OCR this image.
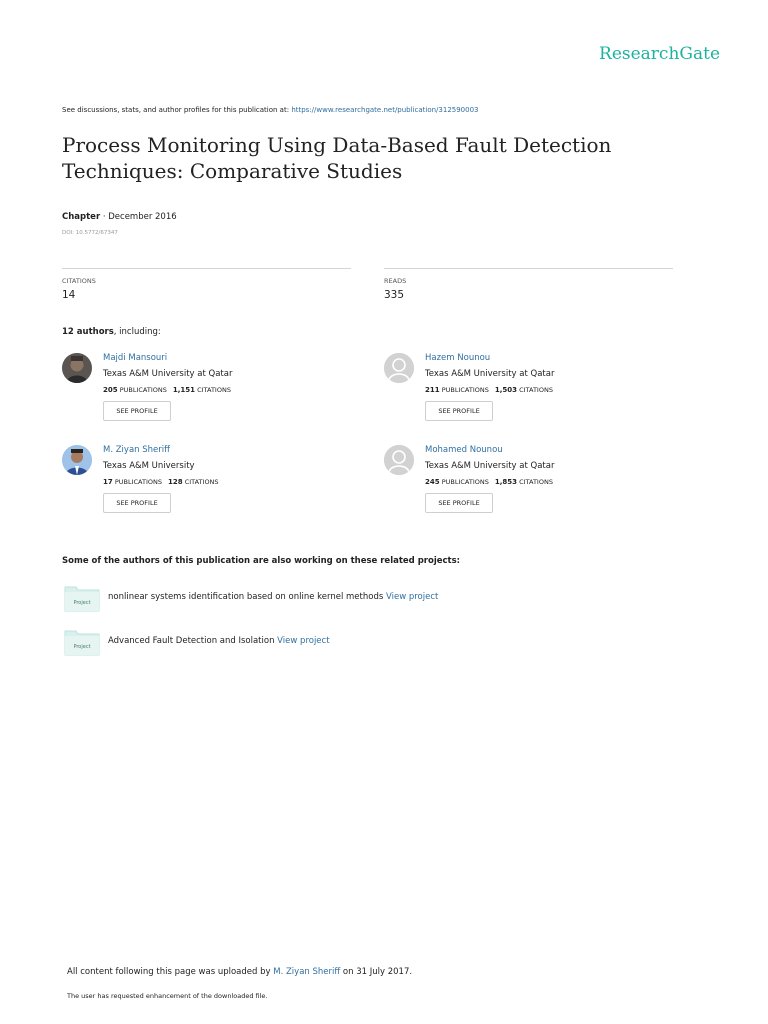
ResearchGate
See discussions, stats, and author profiles for this publication at: https://www.researchgate.net/publication/312590003
Process Monitoring Using Data-Based Fault Detection Techniques: Comparative Studies
Chapter · December 2016
DOI: 10.5772/67347
CITATIONS
14
READS
335
12 authors, including:
Majdi Mansouri
Texas A&M University at Qatar
205 PUBLICATIONS 1,151 CITATIONS
SEE PROFILE
Hazem Nounou
Texas A&M University at Qatar
211 PUBLICATIONS 1,503 CITATIONS
SEE PROFILE
M. Ziyan Sheriff
Texas A&M University
17 PUBLICATIONS 128 CITATIONS
SEE PROFILE
Mohamed Nounou
Texas A&M University at Qatar
245 PUBLICATIONS 1,853 CITATIONS
SEE PROFILE
Some of the authors of this publication are also working on these related projects:
Project
nonlinear systems identification based on online kernel methods View project
Project
Advanced Fault Detection and Isolation View project
All content following this page was uploaded by M. Ziyan Sheriff on 31 July 2017.
The user has requested enhancement of the downloaded file.
